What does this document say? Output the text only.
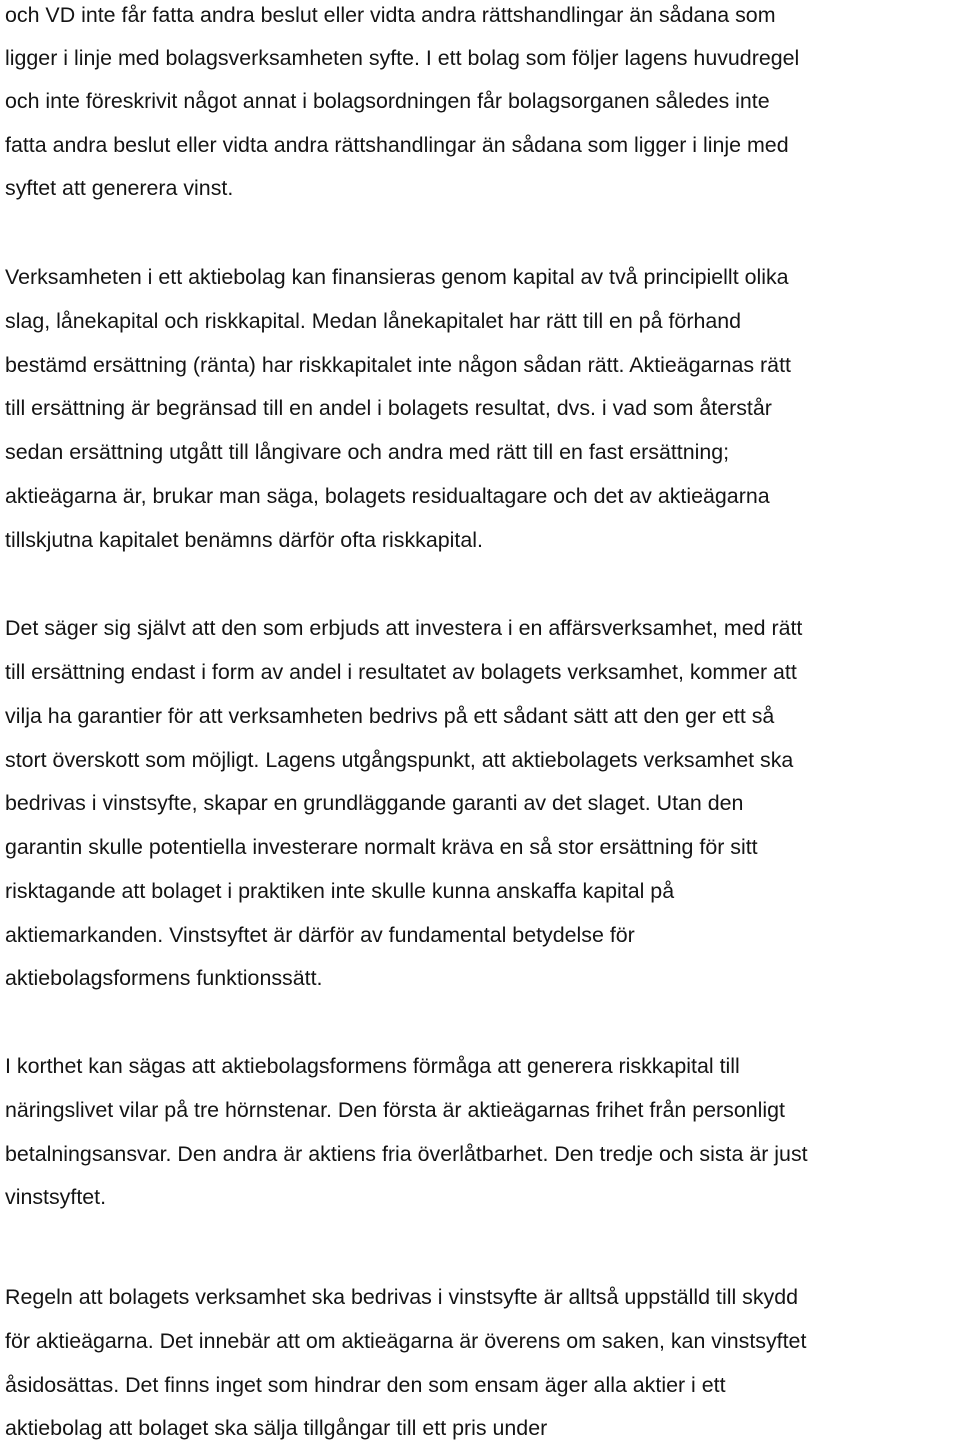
och VD inte får fatta andra beslut eller vidta andra rättshandlingar än sådana som
ligger i linje med bolagsverksamheten syfte. I ett bolag som följer lagens huvudregel
och inte föreskrivit något annat i bolagsordningen får bolagsorganen således inte
fatta andra beslut eller vidta andra rättshandlingar än sådana som ligger i linje med
syftet att generera vinst.
Verksamheten i ett aktiebolag kan finansieras genom kapital av två principiellt olika
slag, lånekapital och riskkapital. Medan lånekapitalet har rätt till en på förhand
bestämd ersättning (ränta) har riskkapitalet inte någon sådan rätt. Aktieägarnas rätt
till ersättning är begränsad till en andel i bolagets resultat, dvs. i vad som återstår
sedan ersättning utgått till långivare och andra med rätt till en fast ersättning;
aktieägarna är, brukar man säga, bolagets residualtagare och det av aktieägarna
tillskjutna kapitalet benämns därför ofta riskkapital.
Det säger sig självt att den som erbjuds att investera i en affärsverksamhet, med rätt
till ersättning endast i form av andel i resultatet av bolagets verksamhet, kommer att
vilja ha garantier för att verksamheten bedrivs på ett sådant sätt att den ger ett så
stort överskott som möjligt. Lagens utgångspunkt, att aktiebolagets verksamhet ska
bedrivas i vinstsyfte, skapar en grundläggande garanti av det slaget. Utan den
garantin skulle potentiella investerare normalt kräva en så stor ersättning för sitt
risktagande att bolaget i praktiken inte skulle kunna anskaffa kapital på
aktiemarkanden. Vinstsyftet är därför av fundamental betydelse för
aktiebolagsformens funktionssätt.
I korthet kan sägas att aktiebolagsformens förmåga att generera riskkapital till
näringslivet vilar på tre hörnstenar. Den första är aktieägarnas frihet från personligt
betalningsansvar. Den andra är aktiens fria överlåtbarhet. Den tredje och sista är just
vinstsyftet.
Regeln att bolagets verksamhet ska bedrivas i vinstsyfte är alltså uppställd till skydd
för aktieägarna. Det innebär att om aktieägarna är överens om saken, kan vinstsyftet
åsidosättas. Det finns inget som hindrar den som ensam äger alla aktier i ett
aktiebolag att bolaget ska sälja tillgångar till ett pris under
